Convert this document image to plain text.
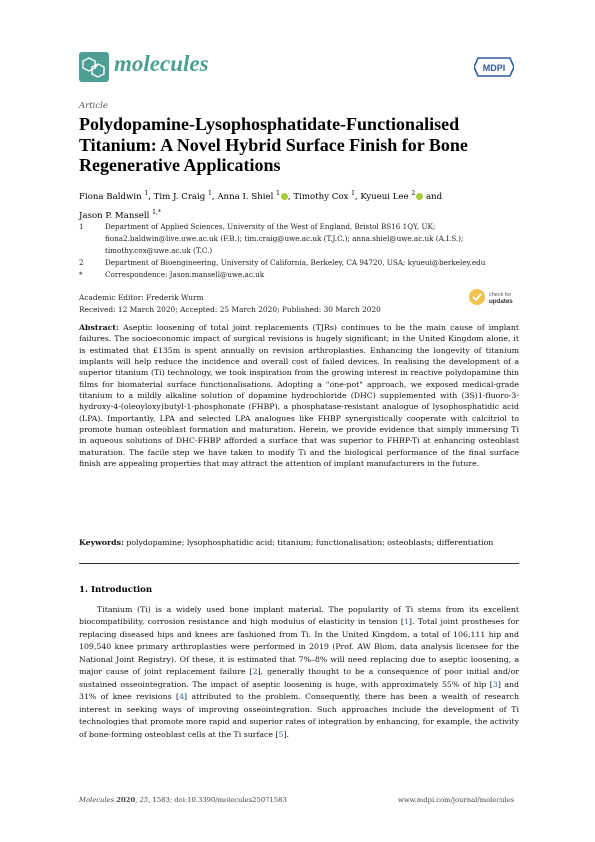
molecules	MDPI
Article
Polydopamine-Lysophosphatidate-Functionalised Titanium: A Novel Hybrid Surface Finish for Bone Regenerative Applications
Fiona Baldwin $^1$, Tim J. Craig $^1$, Anna I. Shiel $^1$ , Timothy Cox $^1$, Kyueui Lee $^2$ and
Jason P. Mansell $^{1,*}$
1	Department of Applied Sciences, University of the West of England, Bristol BS16 1QY, UK;
fiona2.baldwin@live.uwe.ac.uk (F.B.); tim.craig@uwe.ac.uk (T.J.C.); anna.shiel@uwe.ac.uk (A.I.S.);
timothy.cox@uwe.ac.uk (T.C.)
2	Department of Bioengineering, University of California, Berkeley, CA 94720, USA; kyueui@berkeley.edu
*	Correspondence: Jason.mansell@uwe.ac.uk
Academic Editor: Frederik Wurm
Received: 12 March 2020; Accepted: 25 March 2020; Published: 30 March 2020
check for
updates

Abstract: Aseptic loosening of total joint replacements (TJRs) continues to be the main cause of implant failures. The socioeconomic impact of surgical revisions is hugely significant; in the United Kingdom alone, it is estimated that £135m is spent annually on revision arthroplasties. Enhancing the longevity of titanium implants will help reduce the incidence and overall cost of failed devices. In realising the development of a superior titanium (Ti) technology, we took inspiration from the growing interest in reactive polydopamine thin films for biomaterial surface functionalisations. Adopting a "one-pot" approach, we exposed medical-grade titanium to a mildly alkaline solution of dopamine hydrochloride (DHC) supplemented with (3S)1-fluoro-3-hydroxy-4-(oleoyloxy)butyl-1-phosphonate (FHBP), a phosphatase-resistant analogue of lysophosphatidic acid (LPA). Importantly, LPA and selected LPA analogues like FHBP synergistically cooperate with calcitriol to promote human osteoblast formation and maturation. Herein, we provide evidence that simply immersing Ti in aqueous solutions of DHC-FHBP afforded a surface that was superior to FHBP-Ti at enhancing osteoblast maturation. The facile step we have taken to modify Ti and the biological performance of the final surface finish are appealing properties that may attract the attention of implant manufacturers in the future.

Keywords: polydopamine; lysophosphatidic acid; titanium; functionalisation; osteoblasts; differentiation

1. Introduction

Titanium (Ti) is a widely used bone implant material. The popularity of Ti stems from its excellent biocompatibility, corrosion resistance and high modulus of elasticity in tension [1]. Total joint prostheses for replacing diseased hips and knees are fashioned from Ti. In the United Kingdom, a total of 106,111 hip and 109,540 knee primary arthroplasties were performed in 2019 (Prof. AW Blom, data analysis licensee for the National Joint Registry). Of these, it is estimated that 7%–8% will need replacing due to aseptic loosening, a major cause of joint replacement failure [2], generally thought to be a consequence of poor initial and/or sustained osseointegration. The impact of aseptic loosening is huge, with approximately 55% of hip [3] and 31% of knee revisions [4] attributed to the problem. Consequently, there has been a wealth of research interest in seeking ways of improving osseointegration. Such approaches include the development of Ti technologies that promote more rapid and superior rates of integration by enhancing, for example, the activity of bone-forming osteoblast cells at the Ti surface [5].

Molecules 2020, 25, 1583; doi:10.3390/molecules25071583	www.mdpi.com/journal/molecules
